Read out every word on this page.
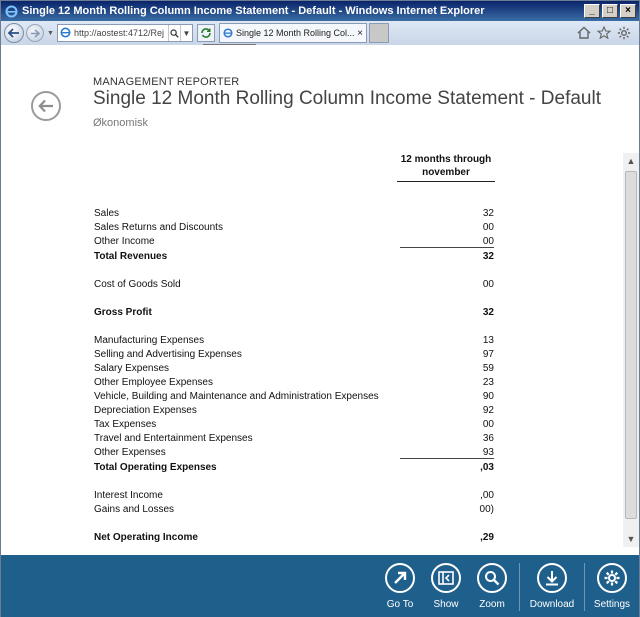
Single 12 Month Rolling Column Income Statement - Default - Windows Internet Explorer	_	□	×
▼ http://aostest:4712/Rej	▼	Single 12 Month Rolling Col... ×
MANAGEMENT REPORTER
Single 12 Month Rolling Column Income Statement - Default
Økonomisk
12 months through

november
Sales	32
Sales Returns and Discounts	00
Other Income	00
Total Revenues	32
Cost of Goods Sold	00
Gross Profit	32
Manufacturing Expenses	13
Selling and Advertising Expenses	97
Salary Expenses	59
Other Employee Expenses	23
Vehicle, Building and Maintenance and Administration Expenses	90
Depreciation Expenses	92
Tax Expenses	00
Travel and Entertainment Expenses	36
Other Expenses	93
Total Operating Expenses	,03
Interest Income	,00
Gains and Losses	00)
Net Operating Income	,29
▲
▼
Go To Show Zoom Download Settings
